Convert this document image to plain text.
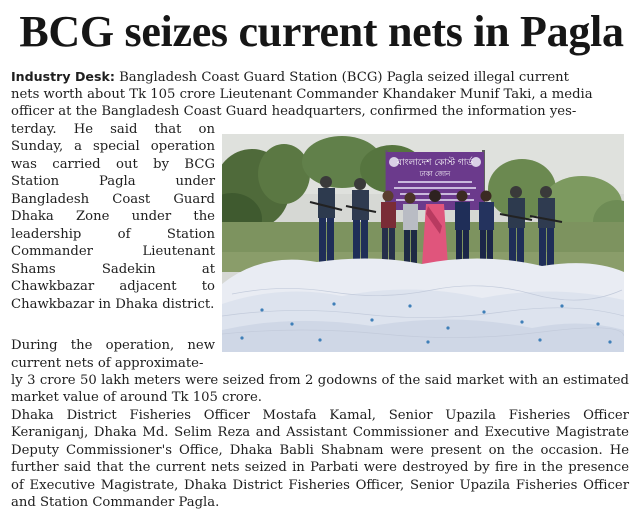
BCG seizes current nets in Pagla

Industry Desk: Bangladesh Coast Guard Station (BCG) Pagla seized illegal current

nets worth about Tk 105 crore Lieutenant Commander Khandaker Munif Taki, a media

officer at the Bangladesh Coast Guard headquarters, confirmed the information yes-

terday. He said that on Sunday, a special operation was carried out by BCG Station Pagla under Bangladesh Coast Guard Dhaka Zone under the leadership of Station Commander Lieutenant Shams Sadekin at Chawkbazar adjacent to Chawkbazar in Dhaka district.

During the operation, new current nets of approximate-

ly 3 crore 50 lakh meters were seized from 2 godowns of the said market with an estimated market value of around Tk 105 crore.

Dhaka District Fisheries Officer Mostafa Kamal, Senior Upazila Fisheries Officer Keraniganj, Dhaka Md. Selim Reza and Assistant Commissioner and Executive Magistrate Deputy Commissioner's Office, Dhaka Babli Shabnam were present on the occasion. He further said that the current nets seized in Parbati were destroyed by fire in the presence of Executive Magistrate, Dhaka District Fisheries Officer, Senior Upazila Fisheries Officer and Station Commander Pagla.

বাংলাদেশ কোস্ট গার্ড
ঢাকা জোন
